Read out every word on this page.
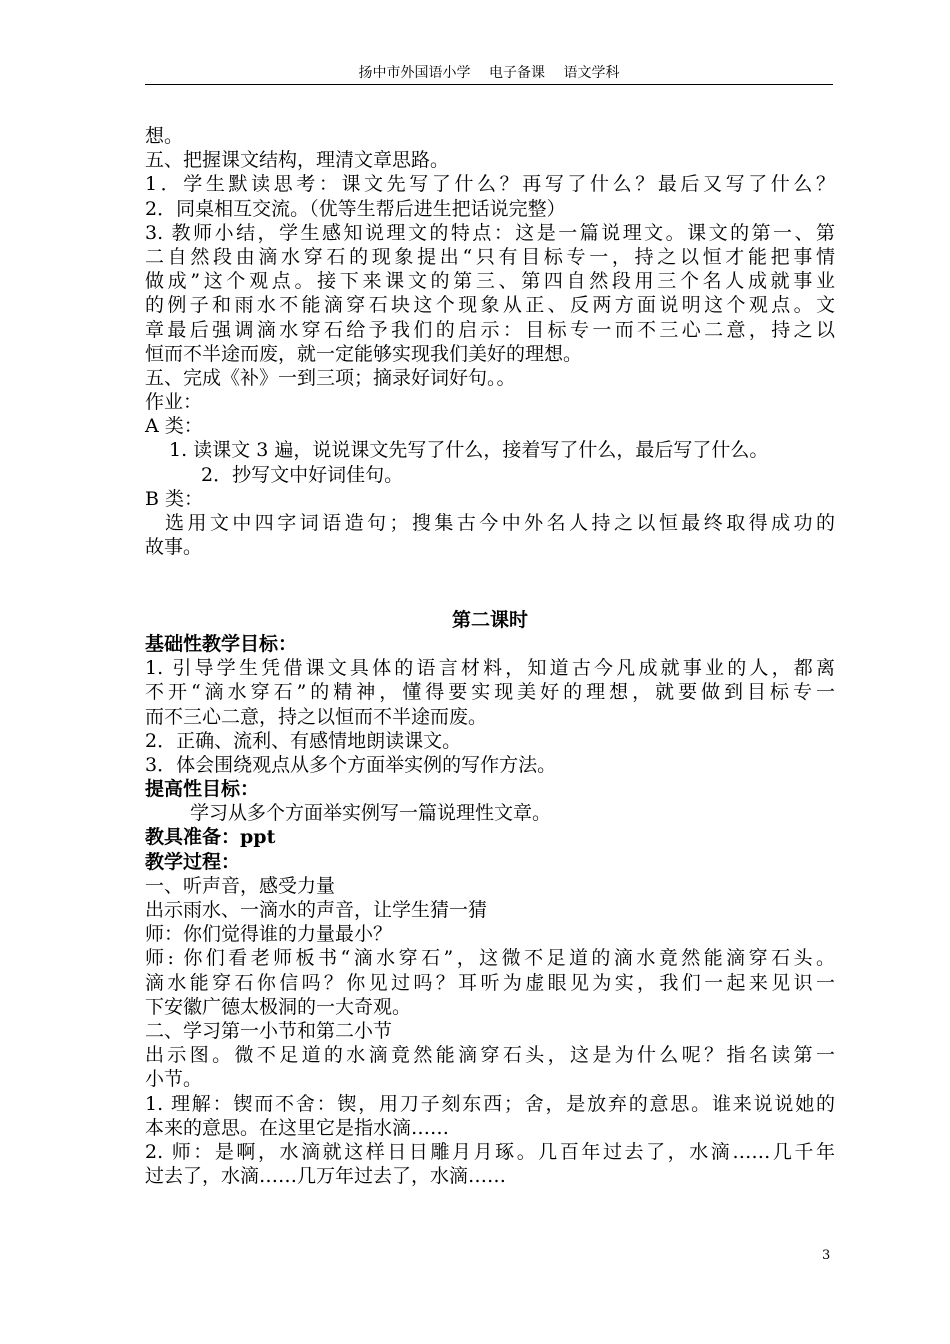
扬中市外国语小学　 电子备课　 语文学科
想。
五、把握课文结构，理清文章思路。
1．学生默读思考：课文先写了什么？再写了什么？最后又写了什么？
2．同桌相互交流。（优等生帮后进生把话说完整）
3. 教师小结，学生感知说理文的特点：这是一篇说理文。课文的第一、第
二自然段由滴水穿石的现象提出“只有目标专一，持之以恒才能把事情
做成”这个观点。接下来课文的第三、第四自然段用三个名人成就事业
的例子和雨水不能滴穿石块这个现象从正、反两方面说明这个观点。文
章最后强调滴水穿石给予我们的启示：目标专一而不三心二意，持之以
恒而不半途而废，就一定能够实现我们美好的理想。
五、完成《补》一到三项；摘录好词好句。。
作业：
A 类：
1. 读课文 3 遍，说说课文先写了什么，接着写了什么，最后写了什么。
2．抄写文中好词佳句。
B 类：
选用文中四字词语造句；搜集古今中外名人持之以恒最终取得成功的
故事。
第二课时
基础性教学目标：
1. 引导学生凭借课文具体的语言材料，知道古今凡成就事业的人，都离
不开“滴水穿石”的精神，懂得要实现美好的理想，就要做到目标专一
而不三心二意，持之以恒而不半途而废。
2．正确、流利、有感情地朗读课文。
3．体会围绕观点从多个方面举实例的写作方法。
提高性目标：
学习从多个方面举实例写一篇说理性文章。
教具准备：ppt
教学过程：
一、听声音，感受力量
出示雨水、一滴水的声音，让学生猜一猜
师：你们觉得谁的力量最小？
师: 你们看老师板书“滴水穿石”，这微不足道的滴水竟然能滴穿石头。
滴水能穿石你信吗？你见过吗？耳听为虚眼见为实，我们一起来见识一
下安徽广德太极洞的一大奇观。
二、学习第一小节和第二小节
出示图。微不足道的水滴竟然能滴穿石头，这是为什么呢？指名读第一
小节。
1. 理解：锲而不舍：锲，用刀子刻东西；舍，是放弃的意思。谁来说说她的
本来的意思。在这里它是指水滴……
2. 师：是啊，水滴就这样日日雕月月琢。几百年过去了，水滴……几千年
过去了，水滴……几万年过去了，水滴……
3
